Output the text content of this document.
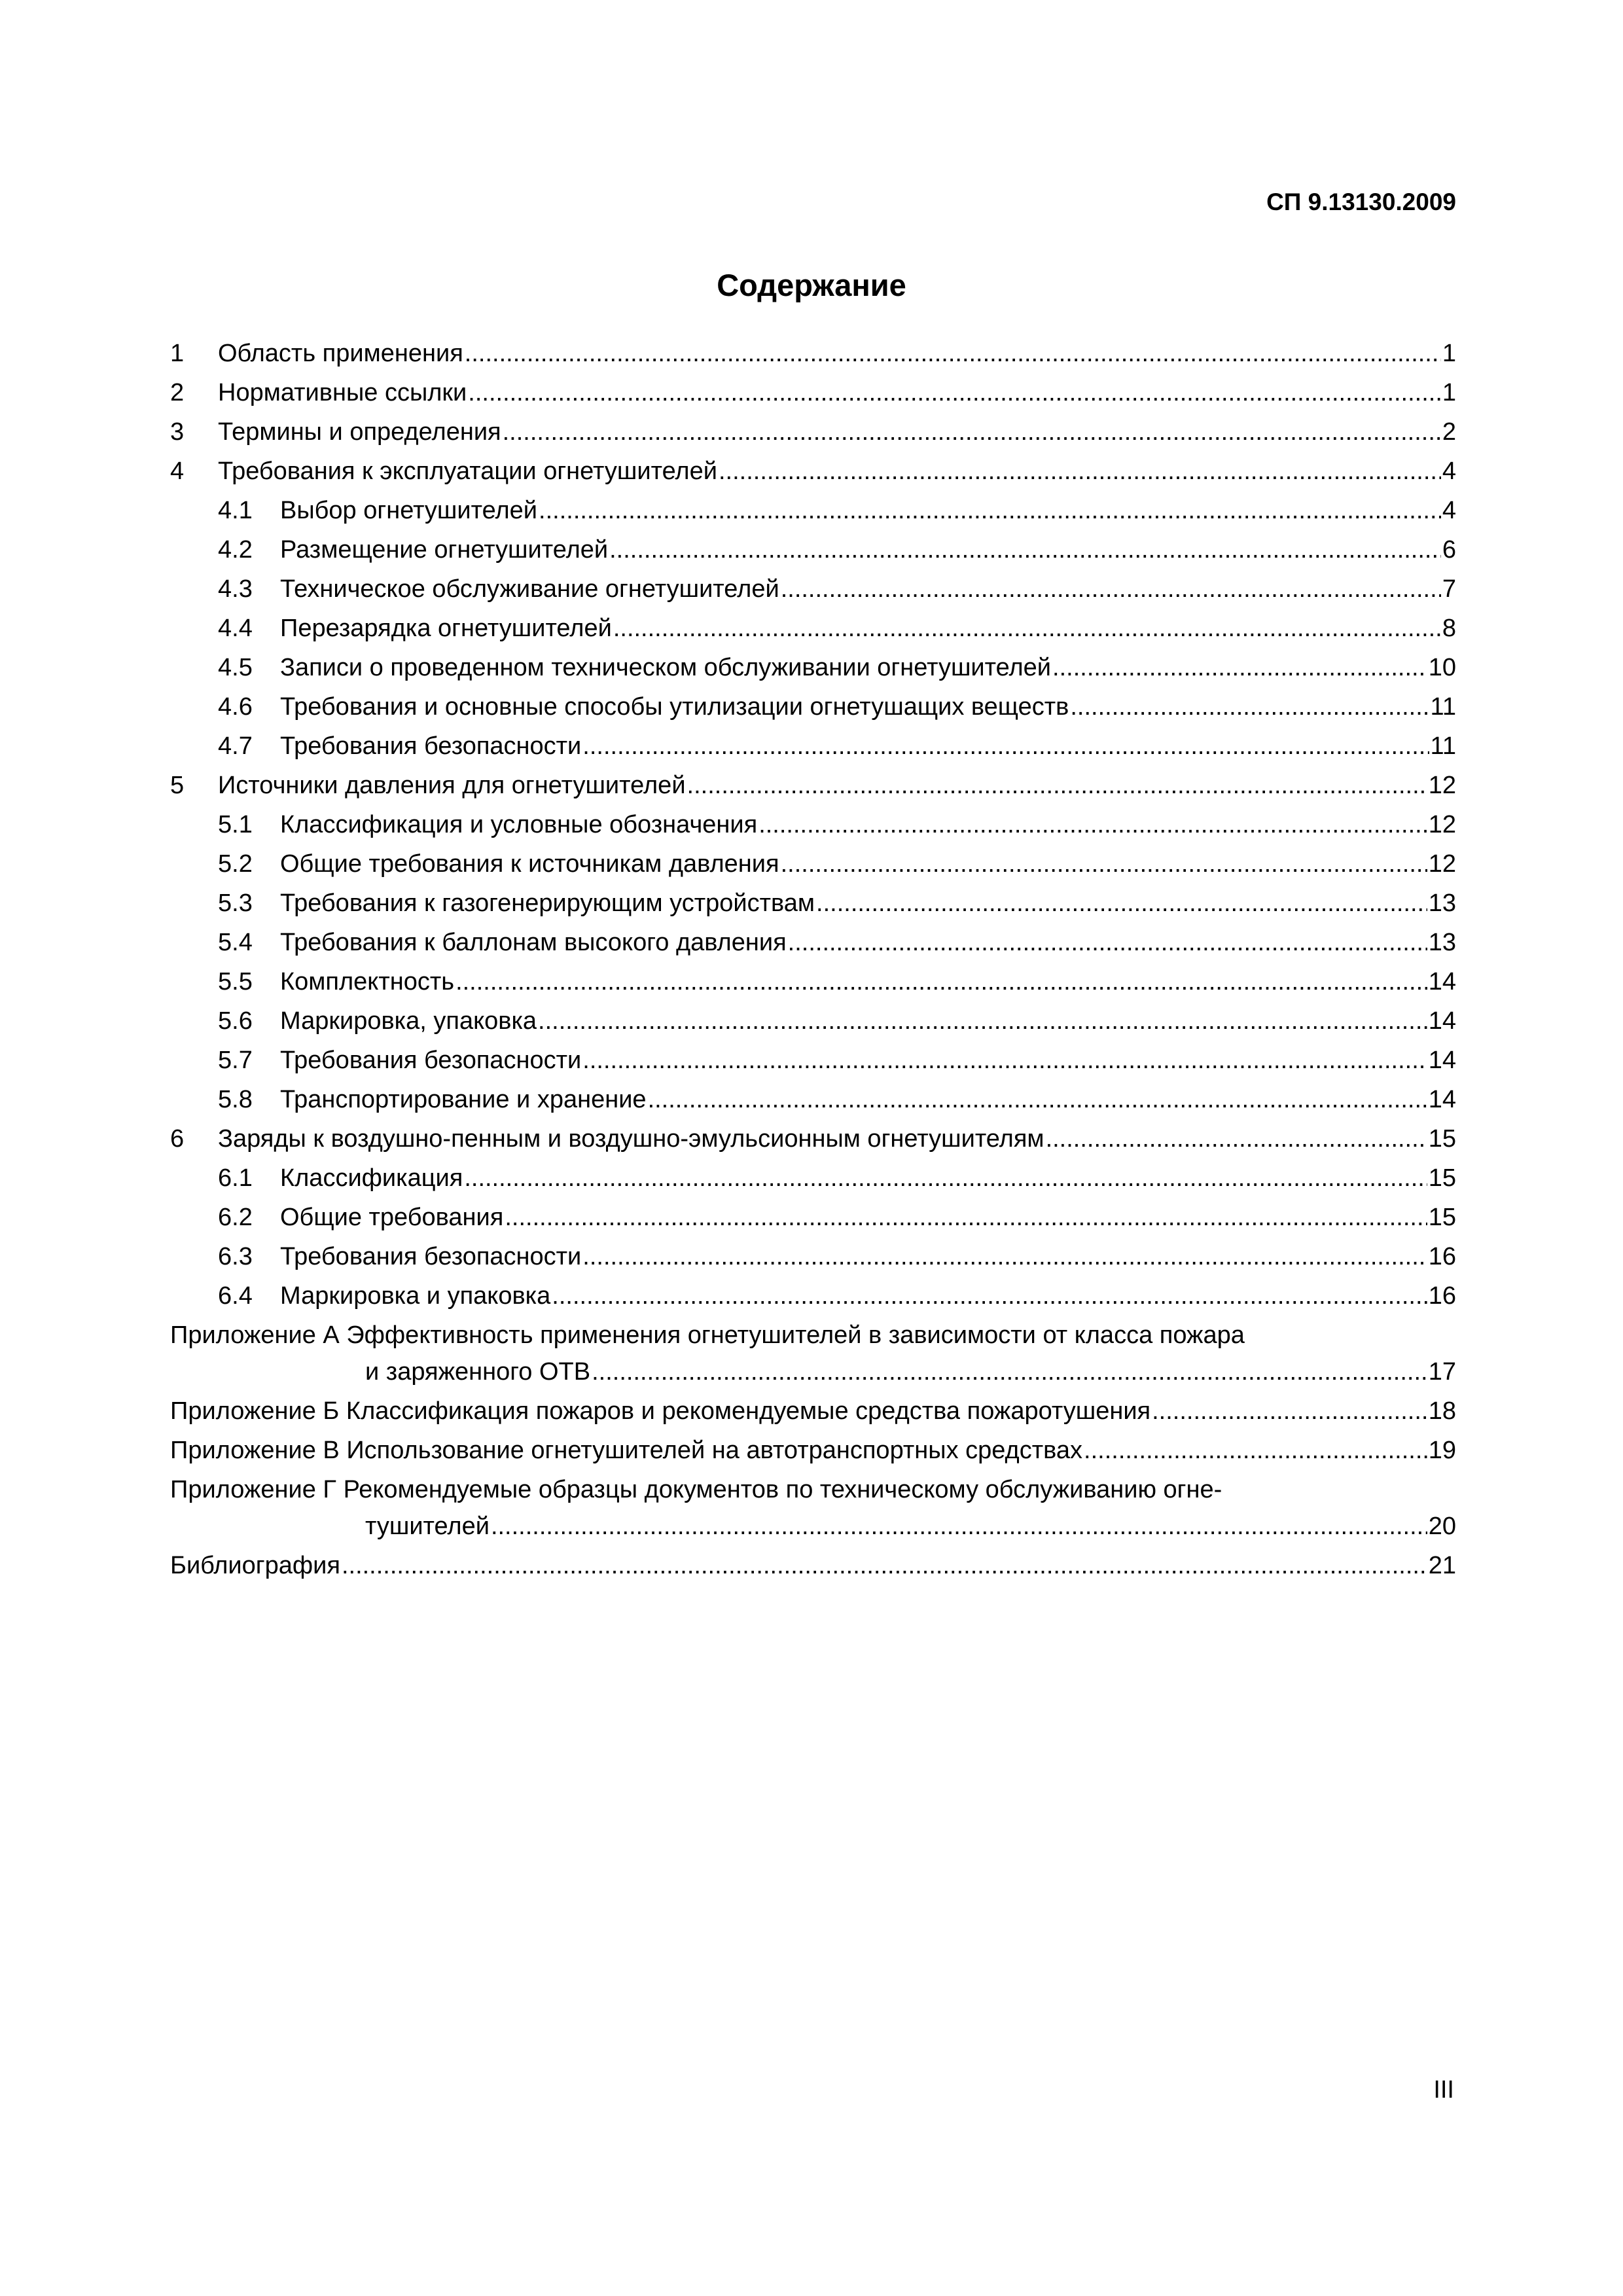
СП 9.13130.2009
Содержание
1	Область применения .....	1
2	Нормативные ссылки .....	1
3	Термины и определения .....	2
4	Требования к эксплуатации огнетушителей .....	4
4.1	Выбор огнетушителей .....	4
4.2	Размещение огнетушителей .....	6
4.3	Техническое обслуживание огнетушителей .....	7
4.4	Перезарядка огнетушителей .....	8
4.5	Записи о проведенном техническом обслуживании огнетушителей .....	10
4.6	Требования и основные способы утилизации огнетушащих веществ .....	11
4.7	Требования безопасности .....	11
5	Источники давления для огнетушителей .....	12
5.1	Классификация и условные обозначения .....	12
5.2	Общие требования к источникам давления .....	12
5.3	Требования к газогенерирующим устройствам .....	13
5.4	Требования к баллонам высокого давления .....	13
5.5	Комплектность .....	14
5.6	Маркировка, упаковка .....	14
5.7	Требования безопасности .....	14
5.8	Транспортирование и хранение .....	14
6	Заряды к воздушно-пенным и воздушно-эмульсионным огнетушителям .....	15
6.1	Классификация .....	15
6.2	Общие требования .....	15
6.3	Требования безопасности .....	16
6.4	Маркировка и упаковка .....	16
Приложение А Эффективность применения огнетушителей в зависимости от класса пожара
и заряженного ОТВ .....	17
Приложение Б Классификация пожаров и рекомендуемые средства пожаротушения .....	18
Приложение В Использование огнетушителей на автотранспортных средствах .....	19
Приложение Г Рекомендуемые образцы документов по техническому обслуживанию огне-
тушителей .....	20
Библиография .....	21
III
